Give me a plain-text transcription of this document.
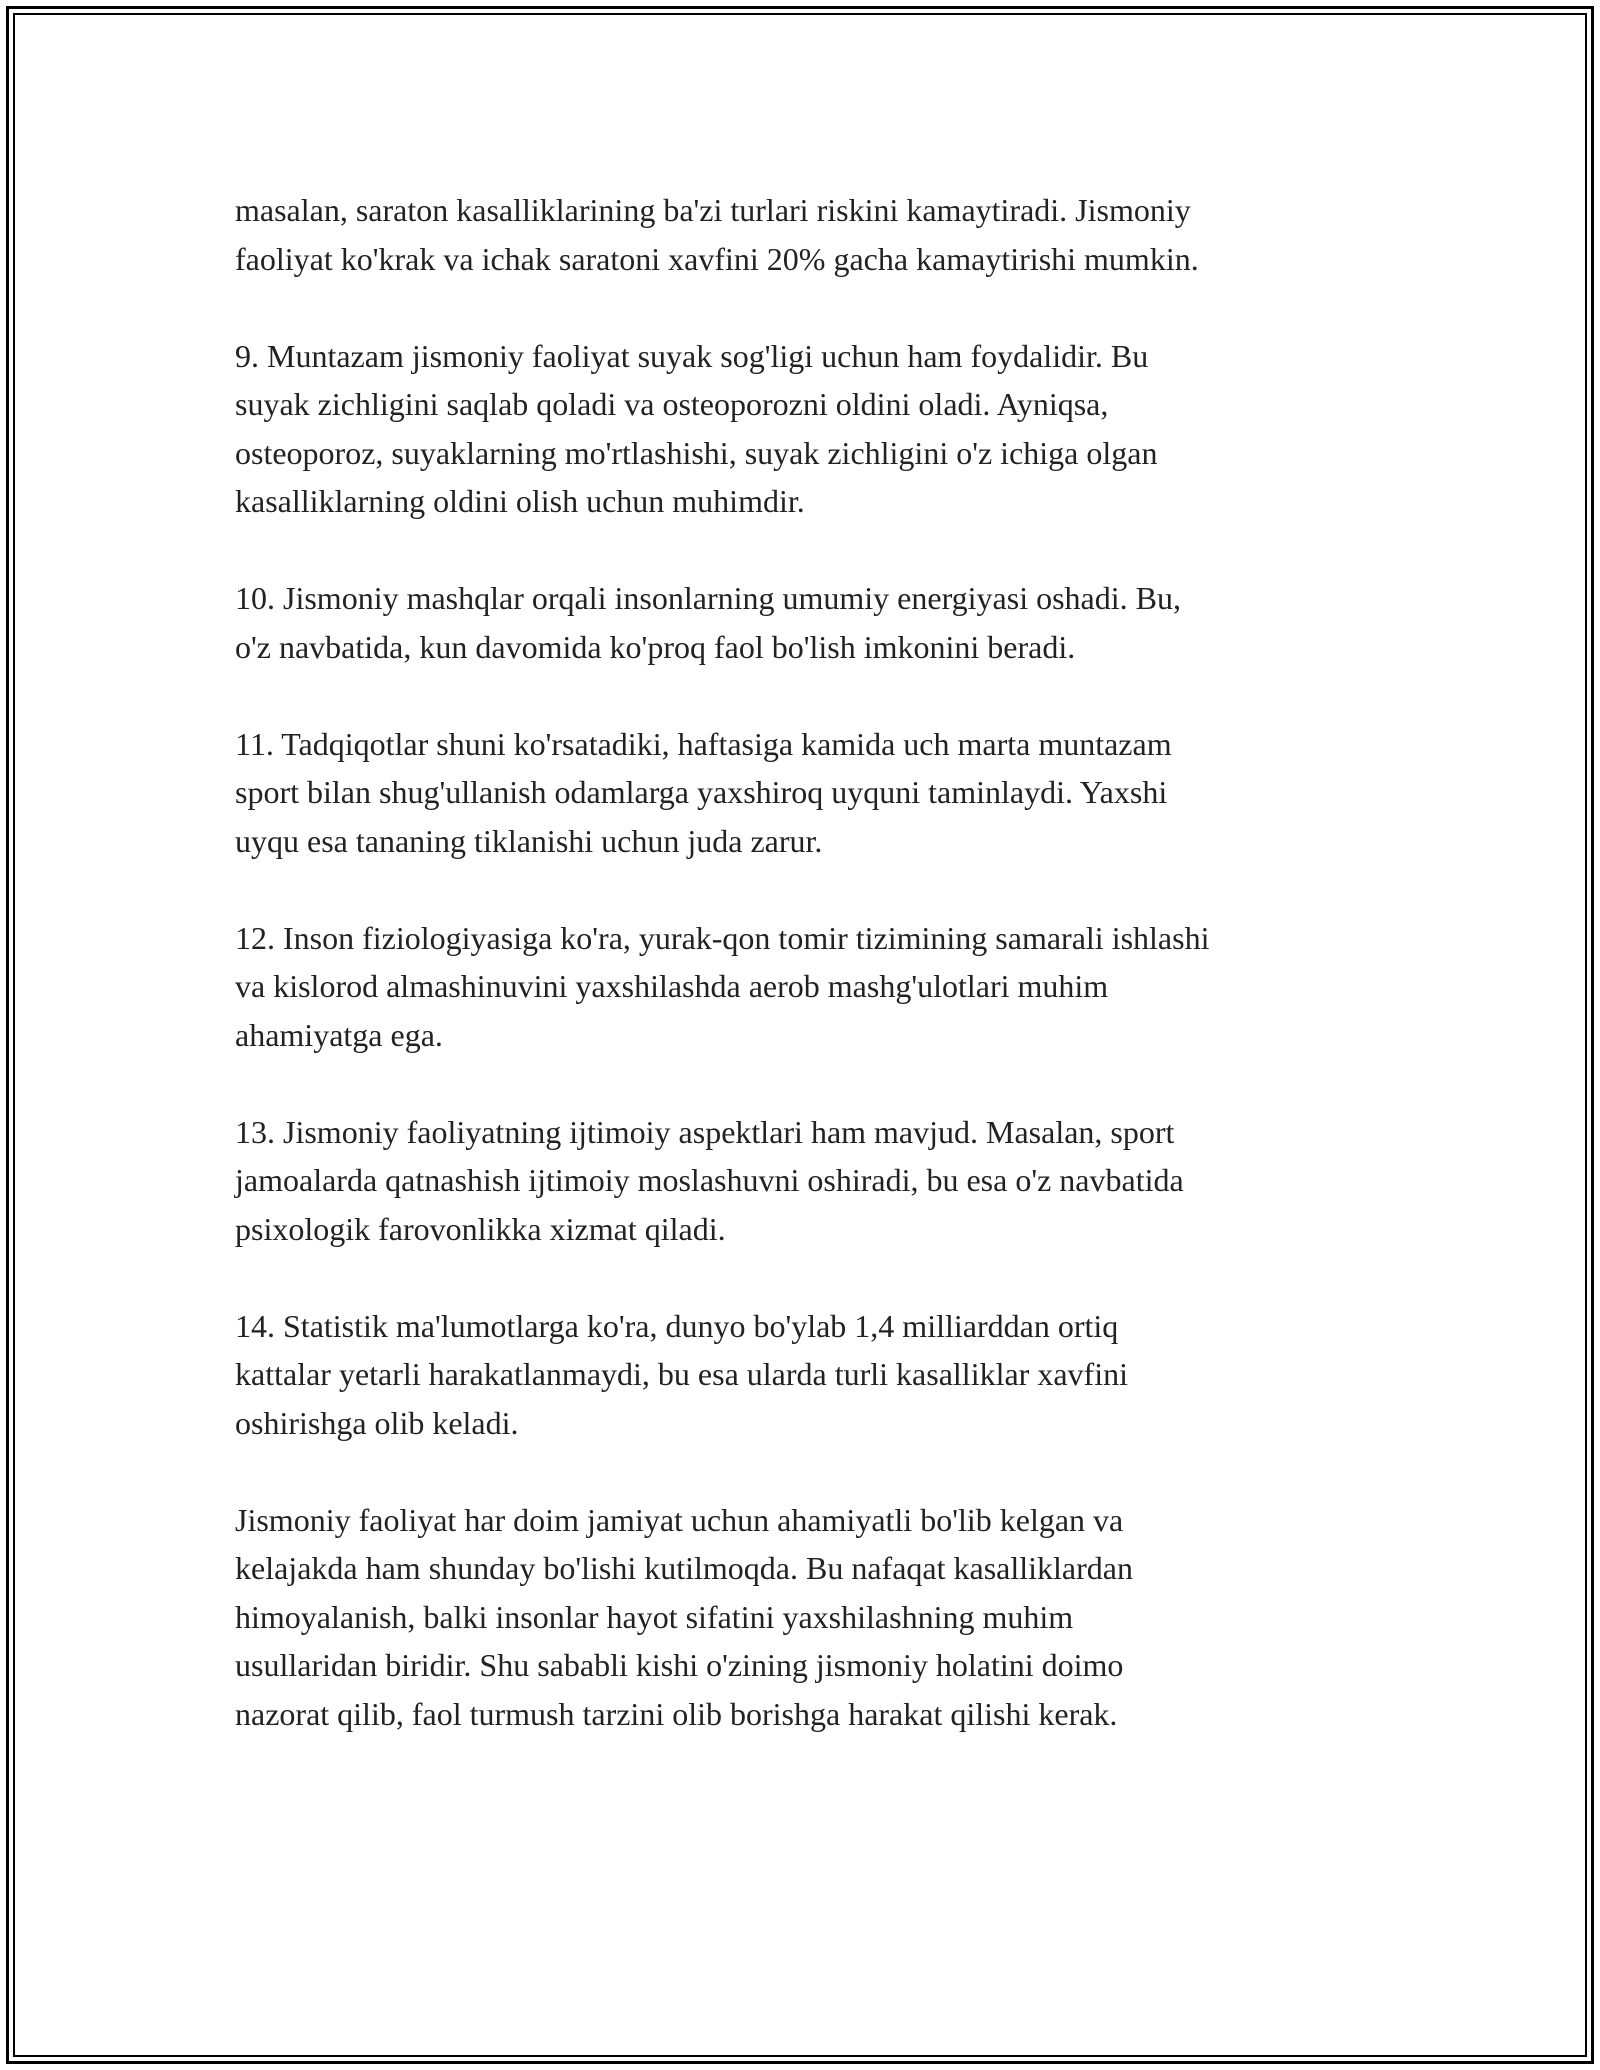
masalan, saraton kasalliklarining ba'zi turlari riskini kamaytiradi. Jismoniy
faoliyat ko'krak va ichak saratoni xavfini 20% gacha kamaytirishi mumkin.

9. Muntazam jismoniy faoliyat suyak sog'ligi uchun ham foydalidir. Bu
suyak zichligini saqlab qoladi va osteoporozni oldini oladi. Ayniqsa,
osteoporoz, suyaklarning mo'rtlashishi, suyak zichligini o'z ichiga olgan
kasalliklarning oldini olish uchun muhimdir.

10. Jismoniy mashqlar orqali insonlarning umumiy energiyasi oshadi. Bu,
o'z navbatida, kun davomida ko'proq faol bo'lish imkonini beradi.

11. Tadqiqotlar shuni ko'rsatadiki, haftasiga kamida uch marta muntazam
sport bilan shug'ullanish odamlarga yaxshiroq uyquni taminlaydi. Yaxshi
uyqu esa tananing tiklanishi uchun juda zarur.

12. Inson fiziologiyasiga ko'ra, yurak-qon tomir tizimining samarali ishlashi
va kislorod almashinuvini yaxshilashda aerob mashg'ulotlari muhim
ahamiyatga ega.

13. Jismoniy faoliyatning ijtimoiy aspektlari ham mavjud. Masalan, sport
jamoalarda qatnashish ijtimoiy moslashuvni oshiradi, bu esa o'z navbatida
psixologik farovonlikka xizmat qiladi.

14. Statistik ma'lumotlarga ko'ra, dunyo bo'ylab 1,4 milliarddan ortiq
kattalar yetarli harakatlanmaydi, bu esa ularda turli kasalliklar xavfini
oshirishga olib keladi.

Jismoniy faoliyat har doim jamiyat uchun ahamiyatli bo'lib kelgan va
kelajakda ham shunday bo'lishi kutilmoqda. Bu nafaqat kasalliklardan
himoyalanish, balki insonlar hayot sifatini yaxshilashning muhim
usullaridan biridir. Shu sababli kishi o'zining jismoniy holatini doimo
nazorat qilib, faol turmush tarzini olib borishga harakat qilishi kerak.
